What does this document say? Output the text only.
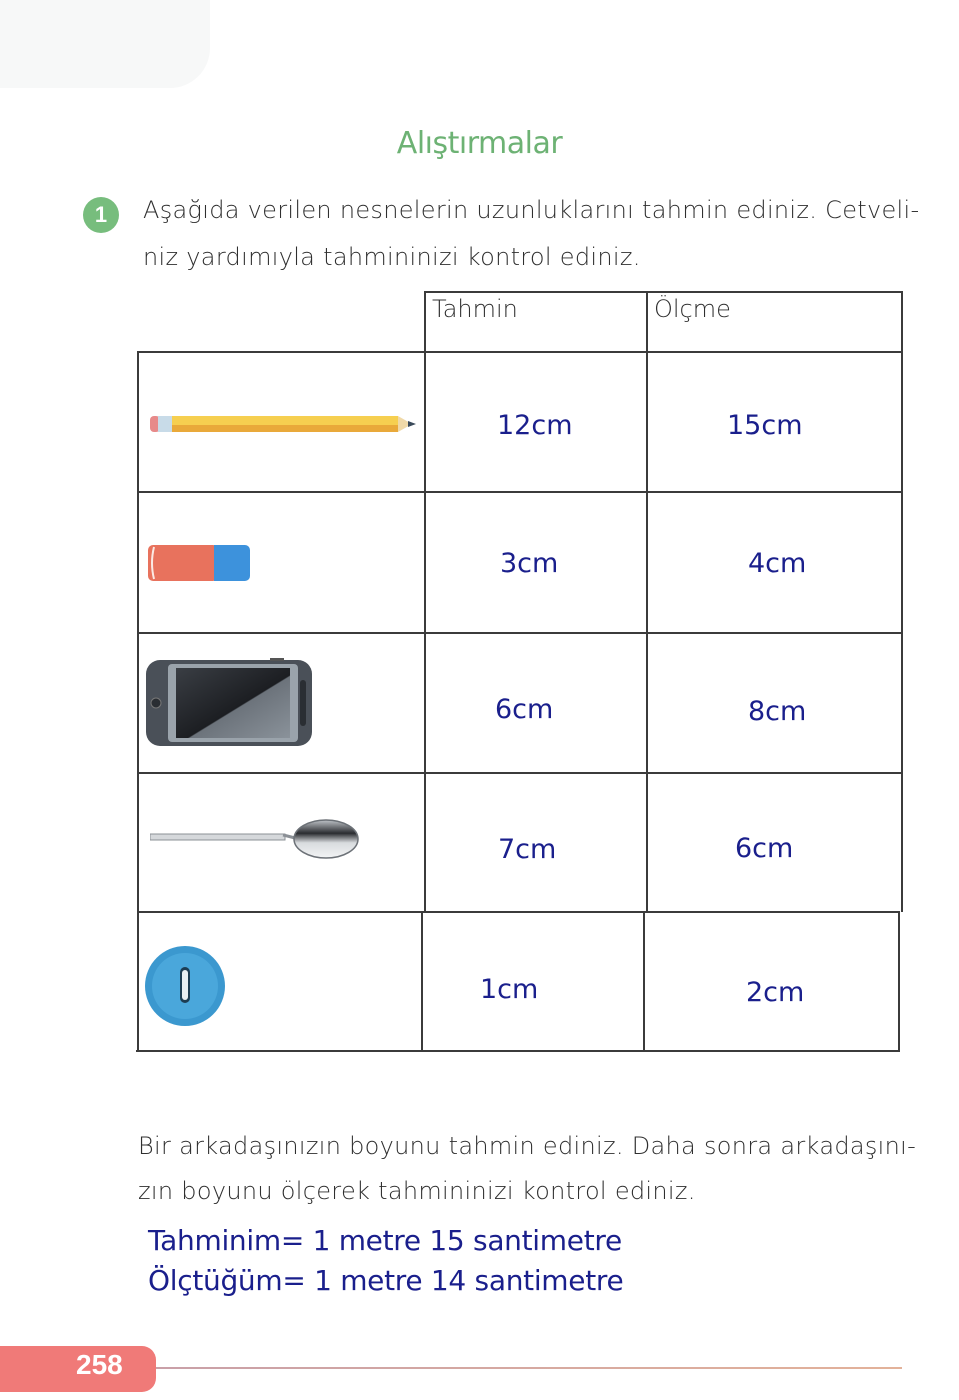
Alıştırmalar
1	Aşağıda verilen nesnelerin uzunluklarını tahmin ediniz. Cetveli-
niz yardımıyla tahmininizi kontrol ediniz.
Tahmin	Ölçme
12cm	15cm
3cm	4cm
6cm	8cm
7cm	6cm
1cm	2cm
Bir arkadaşınızın boyunu tahmin ediniz. Daha sonra arkadaşını-
zın boyunu ölçerek tahmininizi kontrol ediniz.
Tahminim= 1 metre 15 santimetre
Ölçtüğüm= 1 metre 14 santimetre
258
